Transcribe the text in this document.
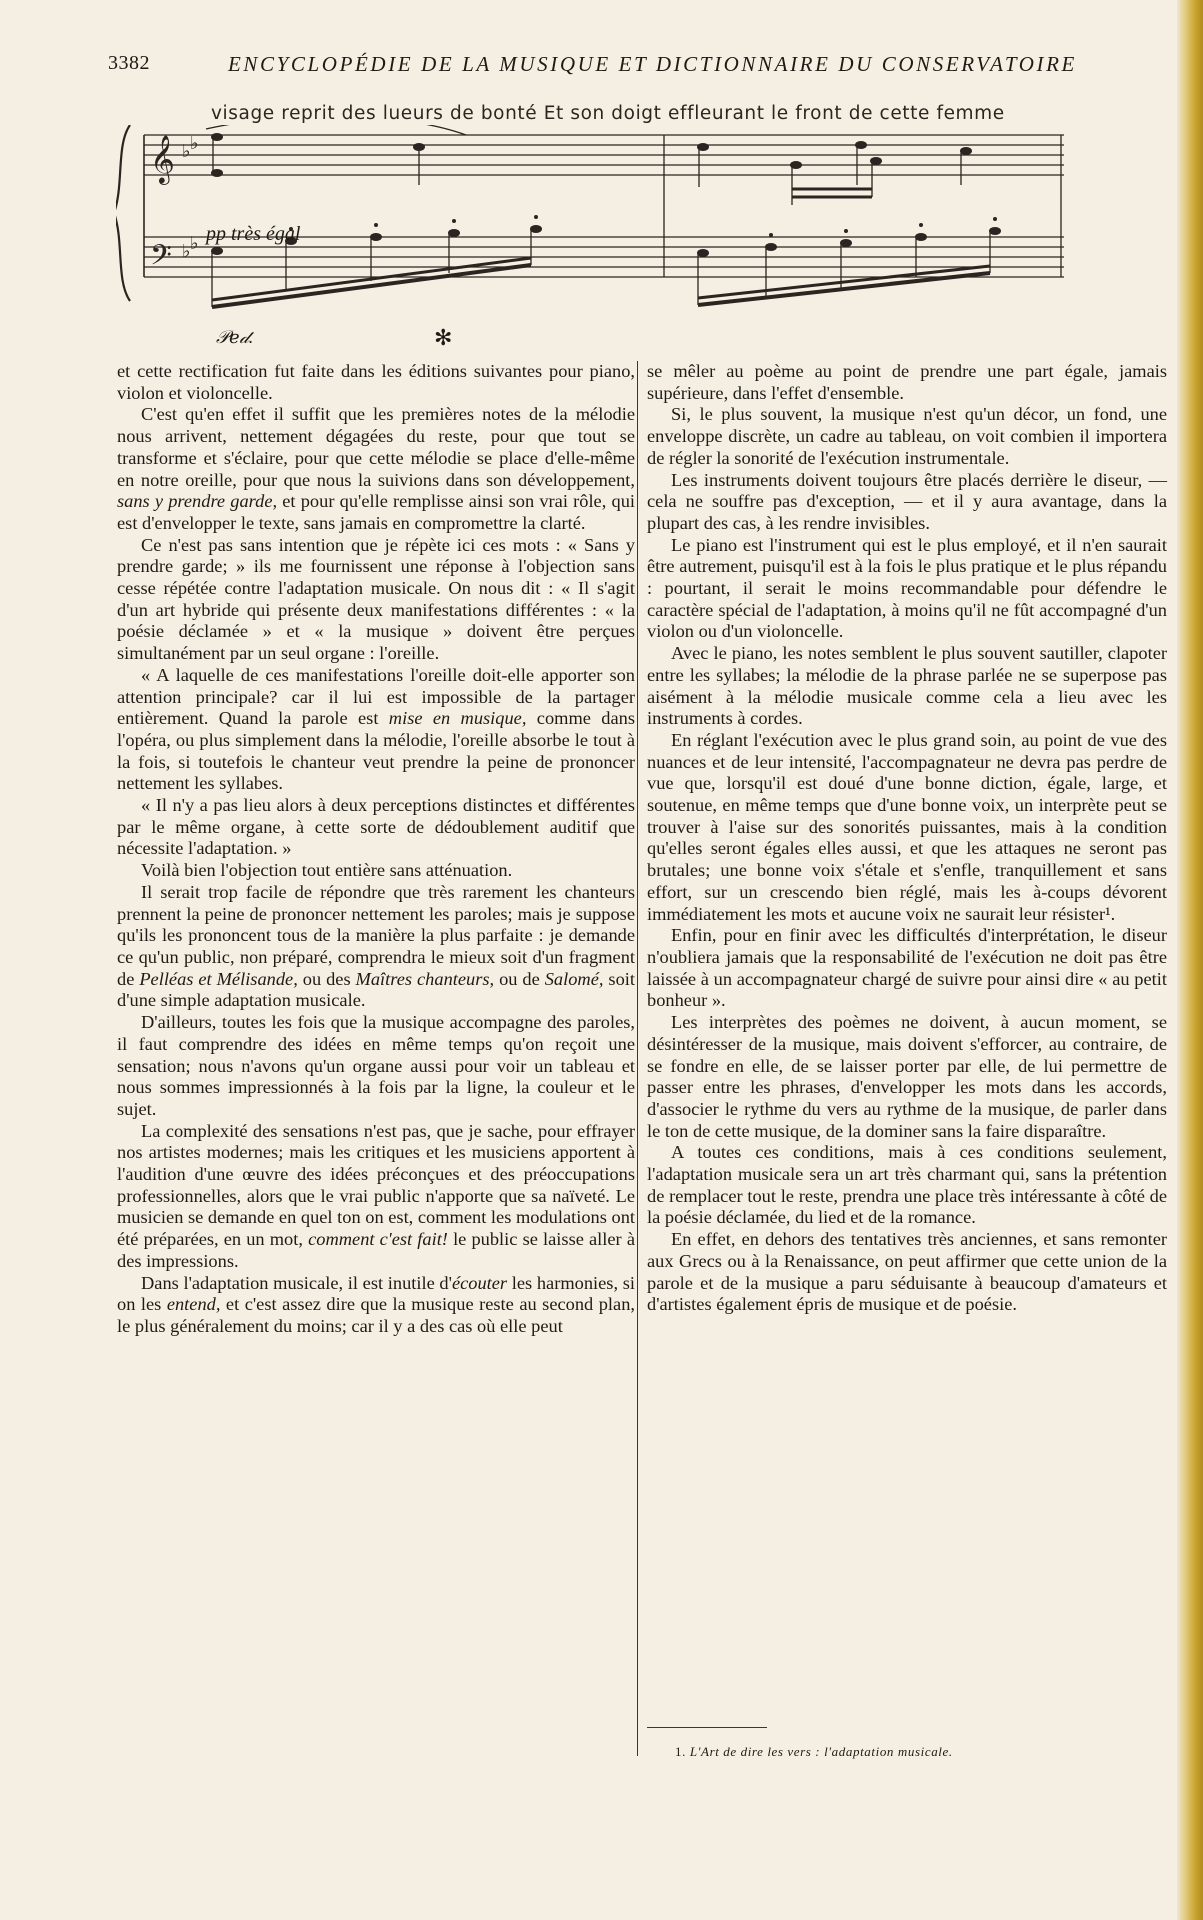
3382	ENCYCLOPÉDIE DE LA MUSIQUE ET DICTIONNAIRE DU CONSERVATOIRE
visage reprit des lueurs de bonté Et son doigt effleurant le front de cette femme
𝄞
𝄢
♭ ♭
♭ ♭ pp très égal
𝒫𝑒𝒹.	✻

et cette rectification fut faite dans les éditions suivantes pour piano, violon et violoncelle.

C'est qu'en effet il suffit que les premières notes de la mélodie nous arrivent, nettement dégagées du reste, pour que tout se transforme et s'éclaire, pour que cette mélodie se place d'elle-même en notre oreille, pour que nous la suivions dans son développement, sans y prendre garde, et pour qu'elle remplisse ainsi son vrai rôle, qui est d'envelopper le texte, sans jamais en compromettre la clarté.

Ce n'est pas sans intention que je répète ici ces mots : « Sans y prendre garde; » ils me fournissent une réponse à l'objection sans cesse répétée contre l'adaptation musicale. On nous dit : « Il s'agit d'un art hybride qui présente deux manifestations différentes : « la poésie déclamée » et « la musique » doivent être perçues simultanément par un seul organe : l'oreille.

« A laquelle de ces manifestations l'oreille doit-elle apporter son attention principale? car il lui est impossible de la partager entièrement. Quand la parole est mise en musique, comme dans l'opéra, ou plus simplement dans la mélodie, l'oreille absorbe le tout à la fois, si toutefois le chanteur veut prendre la peine de prononcer nettement les syllabes.

« Il n'y a pas lieu alors à deux perceptions distinctes et différentes par le même organe, à cette sorte de dédoublement auditif que nécessite l'adaptation. »

Voilà bien l'objection tout entière sans atténuation.

Il serait trop facile de répondre que très rarement les chanteurs prennent la peine de prononcer nettement les paroles; mais je suppose qu'ils les prononcent tous de la manière la plus parfaite : je demande ce qu'un public, non préparé, comprendra le mieux soit d'un fragment de Pelléas et Mélisande, ou des Maîtres chanteurs, ou de Salomé, soit d'une simple adaptation musicale.

D'ailleurs, toutes les fois que la musique accompagne des paroles, il faut comprendre des idées en même temps qu'on reçoit une sensation; nous n'avons qu'un organe aussi pour voir un tableau et nous sommes impressionnés à la fois par la ligne, la couleur et le sujet.

La complexité des sensations n'est pas, que je sache, pour effrayer nos artistes modernes; mais les critiques et les musiciens apportent à l'audition d'une œuvre des idées préconçues et des préoccupations professionnelles, alors que le vrai public n'apporte que sa naïveté. Le musicien se demande en quel ton on est, comment les modulations ont été préparées, en un mot, comment c'est fait! le public se laisse aller à des impressions.

Dans l'adaptation musicale, il est inutile d'écouter les harmonies, si on les entend, et c'est assez dire que la musique reste au second plan, le plus généralement du moins; car il y a des cas où elle peut

se mêler au poème au point de prendre une part égale, jamais supérieure, dans l'effet d'ensemble.

Si, le plus souvent, la musique n'est qu'un décor, un fond, une enveloppe discrète, un cadre au tableau, on voit combien il importera de régler la sonorité de l'exécution instrumentale.

Les instruments doivent toujours être placés derrière le diseur, — cela ne souffre pas d'exception, — et il y aura avantage, dans la plupart des cas, à les rendre invisibles.

Le piano est l'instrument qui est le plus employé, et il n'en saurait être autrement, puisqu'il est à la fois le plus pratique et le plus répandu : pourtant, il serait le moins recommandable pour défendre le caractère spécial de l'adaptation, à moins qu'il ne fût accompagné d'un violon ou d'un violoncelle.

Avec le piano, les notes semblent le plus souvent sautiller, clapoter entre les syllabes; la mélodie de la phrase parlée ne se superpose pas aisément à la mélodie musicale comme cela a lieu avec les instruments à cordes.

En réglant l'exécution avec le plus grand soin, au point de vue des nuances et de leur intensité, l'accompagnateur ne devra pas perdre de vue que, lorsqu'il est doué d'une bonne diction, égale, large, et soutenue, en même temps que d'une bonne voix, un interprète peut se trouver à l'aise sur des sonorités puissantes, mais à la condition qu'elles seront égales elles aussi, et que les attaques ne seront pas brutales; une bonne voix s'étale et s'enfle, tranquillement et sans effort, sur un crescendo bien réglé, mais les à-coups dévorent immédiatement les mots et aucune voix ne saurait leur résister¹.

Enfin, pour en finir avec les difficultés d'interprétation, le diseur n'oubliera jamais que la responsabilité de l'exécution ne doit pas être laissée à un accompagnateur chargé de suivre pour ainsi dire « au petit bonheur ».

Les interprètes des poèmes ne doivent, à aucun moment, se désintéresser de la musique, mais doivent s'efforcer, au contraire, de se fondre en elle, de se laisser porter par elle, de lui permettre de passer entre les phrases, d'envelopper les mots dans les accords, d'associer le rythme du vers au rythme de la musique, de parler dans le ton de cette musique, de la dominer sans la faire disparaître.

A toutes ces conditions, mais à ces conditions seulement, l'adaptation musicale sera un art très charmant qui, sans la prétention de remplacer tout le reste, prendra une place très intéressante à côté de la poésie déclamée, du lied et de la romance.

En effet, en dehors des tentatives très anciennes, et sans remonter aux Grecs ou à la Renaissance, on peut affirmer que cette union de la parole et de la musique a paru séduisante à beaucoup d'amateurs et d'artistes également épris de musique et de poésie.

1. L'Art de dire les vers : l'adaptation musicale.
